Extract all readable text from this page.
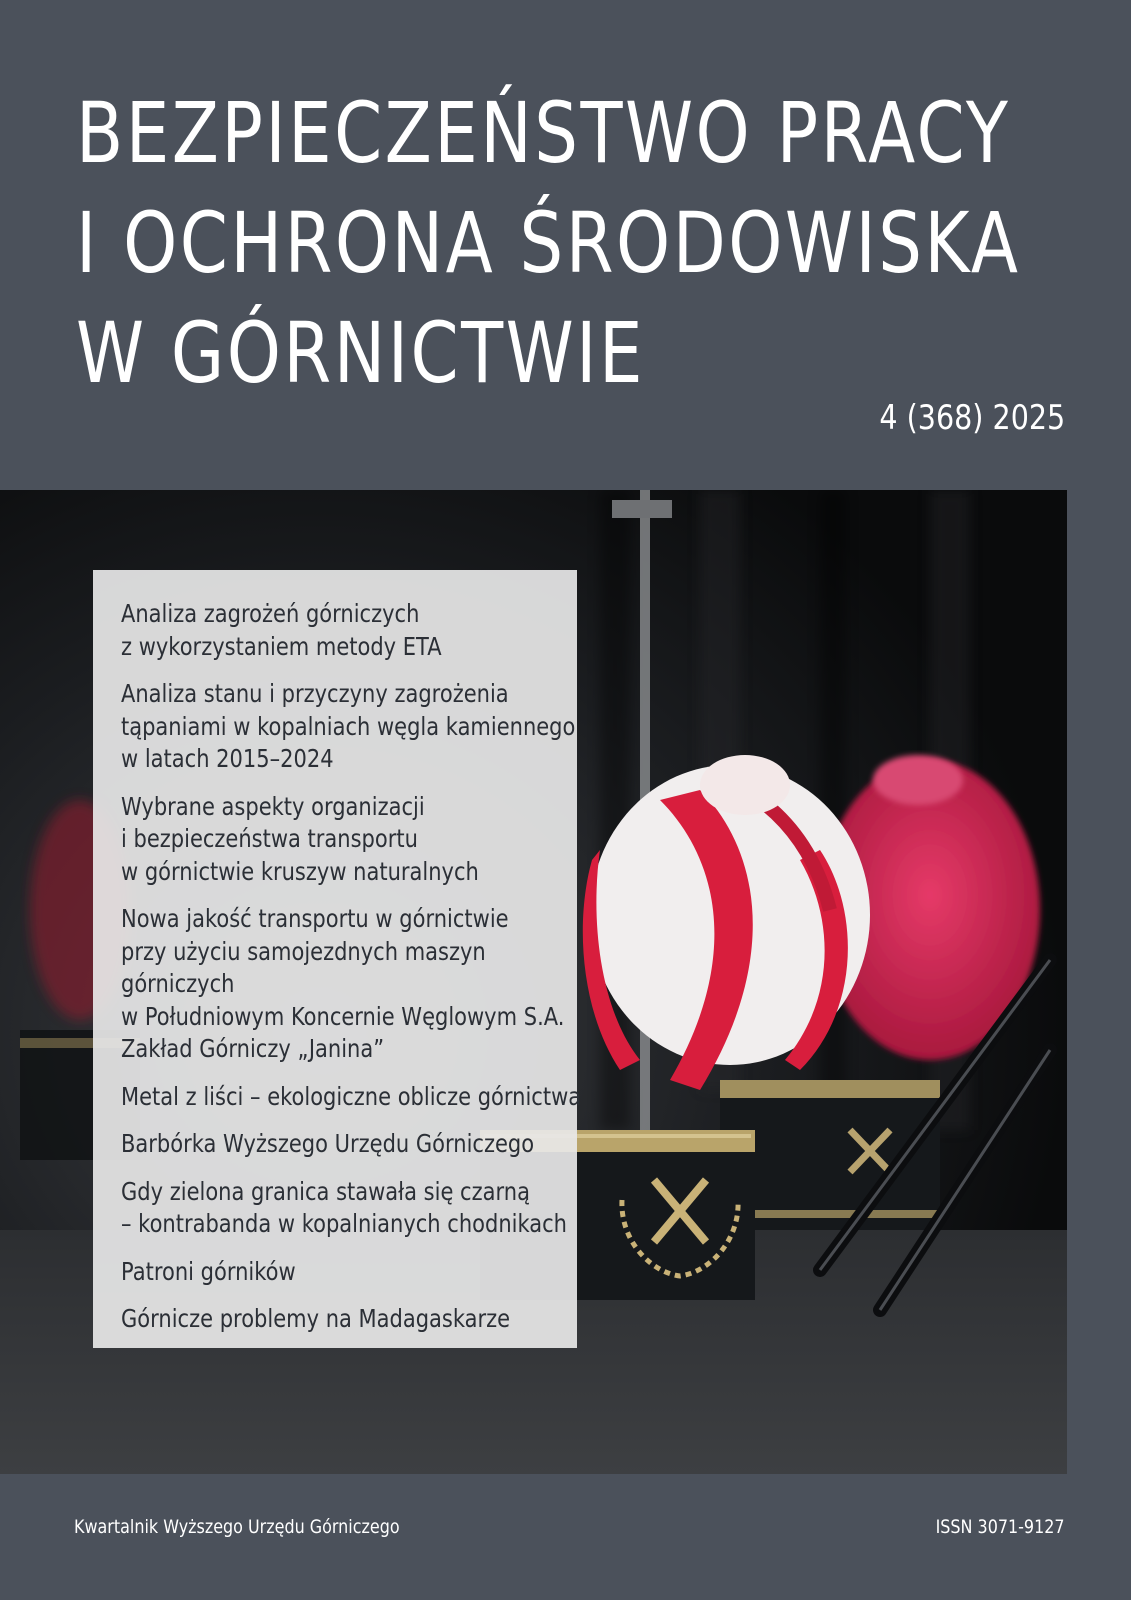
BEZPIECZEŃSTWO PRACY
I OCHRONA ŚRODOWISKA
W GÓRNICTWIE
4 (368) 2025
Analiza zagrożeń górniczych
z wykorzystaniem metody ETA
Analiza stanu i przyczyny zagrożenia
tąpaniami w kopalniach węgla kamiennego
w latach 2015–2024
Wybrane aspekty organizacji
i bezpieczeństwa transportu
w górnictwie kruszyw naturalnych
Nowa jakość transportu w górnictwie
przy użyciu samojezdnych maszyn górniczych
w Południowym Koncernie Węglowym S.A.
Zakład Górniczy „Janina”
Metal z liści – ekologiczne oblicze górnictwa
Barbórka Wyższego Urzędu Górniczego
Gdy zielona granica stawała się czarną
– kontrabanda w kopalnianych chodnikach
Patroni górników
Górnicze problemy na Madagaskarze
Kwartalnik Wyższego Urzędu Górniczego	ISSN 3071-9127
